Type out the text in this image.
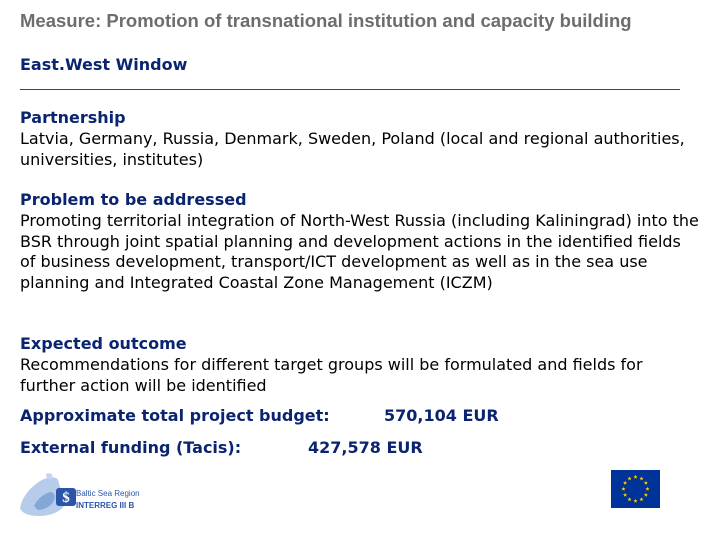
Measure: Promotion of transnational institution and capacity building
East.West Window
Partnership
Latvia, Germany, Russia, Denmark, Sweden, Poland (local and regional authorities, universities, institutes)
Problem to be addressed
Promoting territorial integration of North-West Russia (including Kaliningrad) into the BSR through joint spatial planning and development actions in the identified fields of business development, transport/ICT development as well as in the sea use planning and Integrated Coastal Zone Management (ICZM)
Expected outcome
Recommendations for different target groups will be formulated and fields for further action will be identified
Approximate total project budget:	570,104 EUR
External funding (Tacis):	427,578 EUR
$ Baltic Sea Region
INTERREG III B
